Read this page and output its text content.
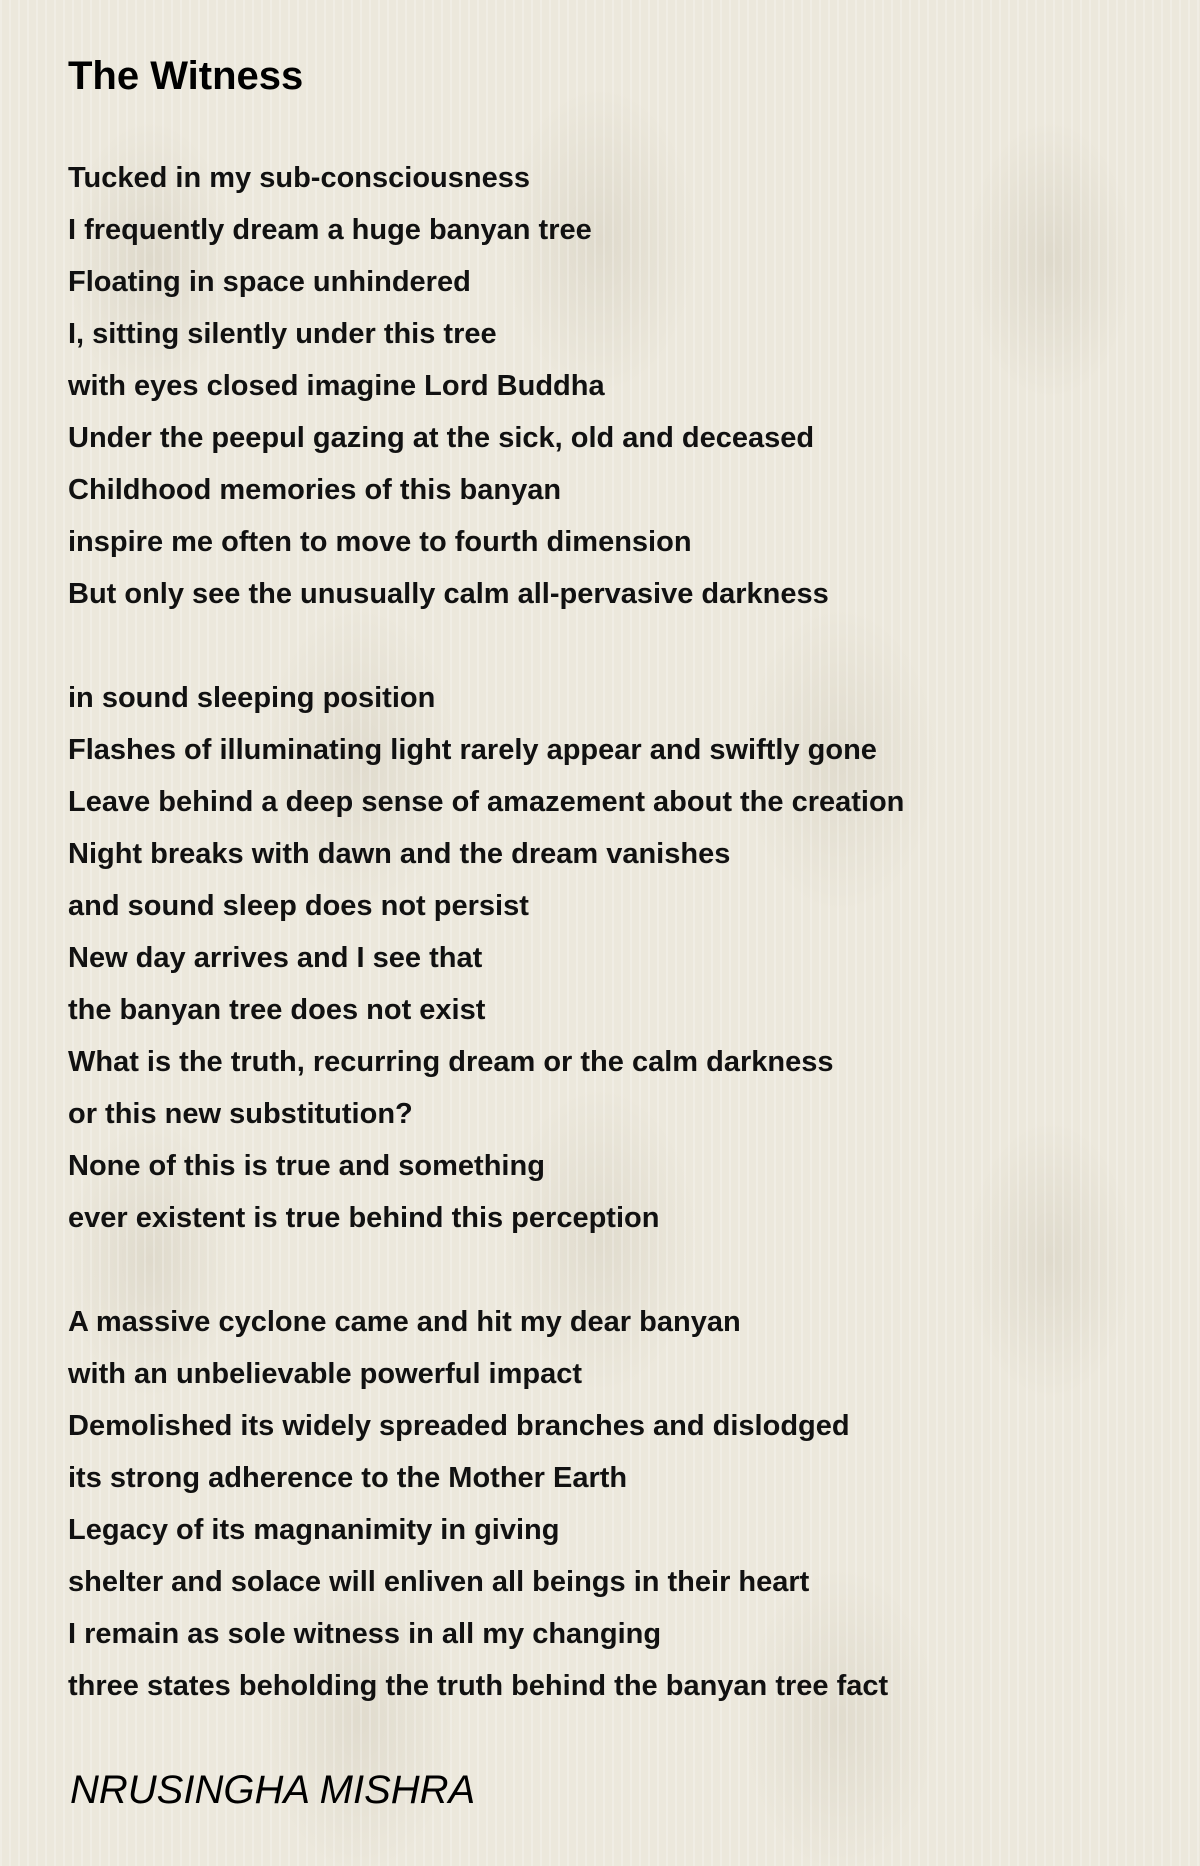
The Witness
Tucked in my sub-consciousness
I frequently dream a huge banyan tree
Floating in space unhindered
I, sitting silently under this tree
with eyes closed imagine Lord Buddha
Under the peepul gazing at the sick, old and deceased
Childhood memories of this banyan
inspire me often to move to fourth dimension
But only see the unusually calm all-pervasive darkness
in sound sleeping position
Flashes of illuminating light rarely appear and swiftly gone
Leave behind a deep sense of amazement about the creation
Night breaks with dawn and the dream vanishes
and sound sleep does not persist
New day arrives and I see that
the banyan tree does not exist
What is the truth, recurring dream or the calm darkness
or this new substitution?
None of this is true and something
ever existent is true behind this perception
A massive cyclone came and hit my dear banyan
with an unbelievable powerful impact
Demolished its widely spreaded branches and dislodged
its strong adherence to the Mother Earth
Legacy of its magnanimity in giving
shelter and solace will enliven all beings in their heart
I remain as sole witness in all my changing
three states beholding the truth behind the banyan tree fact

NRUSINGHA MISHRA
